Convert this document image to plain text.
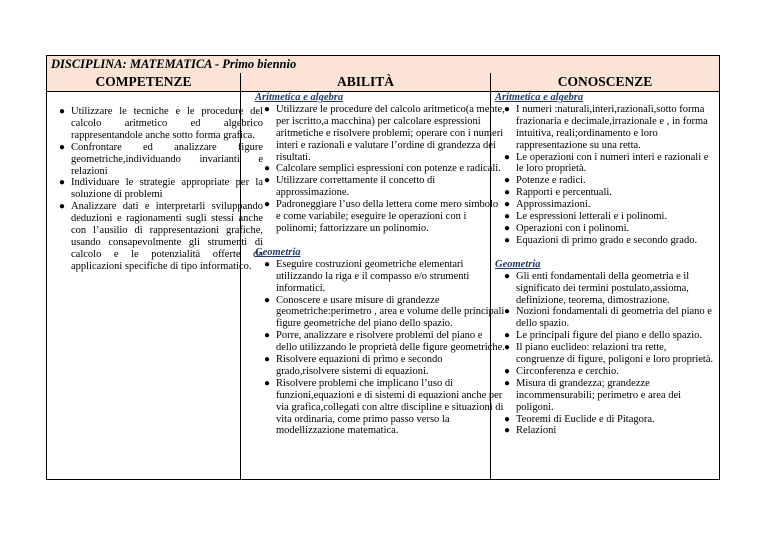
DISCIPLINA: MATEMATICA - Primo biennio
COMPETENZE	ABILITÀ	CONOSCENZE
● Utilizzare le tecniche e le procedure del calcolo aritmetico ed algebrico rappresentandole anche sotto forma grafica.
● Confrontare ed analizzare figure geometriche,individuando invarianti e relazioni
● Individuare le strategie appropriate per la soluzione di problemi
● Analizzare dati e interpretarli sviluppando deduzioni e ragionamenti sugli stessi anche con l’ausilio di rappresentazioni grafiche, usando consapevolmente gli strumenti di calcolo e le potenzialità offerte da applicazioni specifiche di tipo informatico.
Aritmetica e algebra
● Utilizzare le procedure del calcolo aritmetico(a mente, per iscritto,a macchina) per calcolare espressioni aritmetiche e risolvere problemi; operare con i numeri interi e razionali e valutare l’ordine di grandezza dei risultati.
● Calcolare semplici espressioni con potenze e radicali.
● Utilizzare correttamente il concetto di approssimazione.
● Padroneggiare l’uso della lettera come mero simbolo e come variabile; eseguire le operazioni con i polinomi; fattorizzare un polinomio.
Geometria
● Eseguire costruzioni geometriche elementari utilizzando la riga e il compasso e/o strumenti informatici.
● Conoscere e usare misure di grandezze geometriche:perimetro , area e volume delle principali figure geometriche del piano dello spazio.
● Porre, analizzare e risolvere problemi del piano e dello utilizzando le proprietà delle figure geometriche.
● Risolvere equazioni di primo e secondo grado,risolvere sistemi di equazioni.
● Risolvere problemi che implicano l’uso di funzioni,equazioni e di sistemi di equazioni anche per via grafica,collegati con altre discipline e situazioni di vita ordinaria, come primo passo verso la modellizzazione matematica.
Aritmetica e algebra
● I numeri :naturali,interi,razionali,sotto forma frazionaria e decimale,irrazionale e , in forma intuitiva, reali;ordinamento e loro rappresentazione su una retta.
● Le operazioni con i numeri interi e razionali e le loro proprietà.
● Potenze e radici.
● Rapporti e percentuali.
● Approssimazioni.
● Le espressioni letterali e i polinomi.
● Operazioni con i polinomi.
● Equazioni di primo grado e secondo grado.
Geometria
● Gli enti fondamentali della geometria e il significato dei termini postulato,assioma, definizione, teorema, dimostrazione.
● Nozioni fondamentali di geometria del piano e dello spazio.
● Le principali figure del piano e dello spazio.
● Il piano euclideo: relazioni tra rette, congruenze di figure, poligoni e loro proprietà.
● Circonferenza e cerchio.
● Misura di grandezza; grandezze incommensurabili; perimetro e area dei poligoni.
● Teoremi di Euclide e di Pitagora.
● Relazioni
